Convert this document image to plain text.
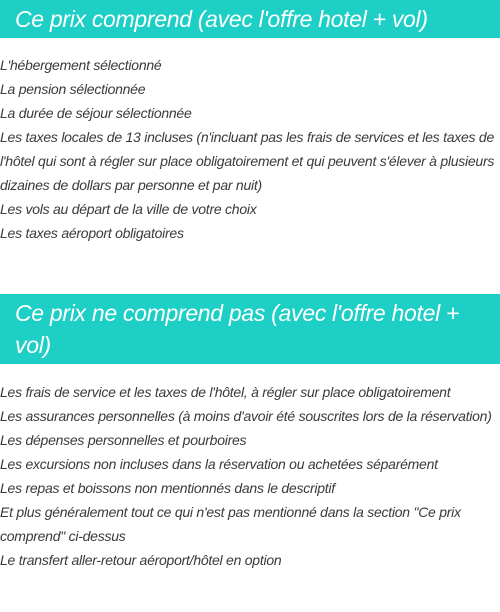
Ce prix comprend (avec l'offre hotel + vol)
L'hébergement sélectionné
La pension sélectionnée
La durée de séjour sélectionnée
Les taxes locales de 13 incluses (n'incluant pas les frais de services et les taxes de l'hôtel qui sont à régler sur place obligatoirement et qui peuvent s'élever à plusieurs dizaines de dollars par personne et par nuit)
Les vols au départ de la ville de votre choix
Les taxes aéroport obligatoires
Ce prix ne comprend pas (avec l'offre hotel + vol)
Les frais de service et les taxes de l'hôtel, à régler sur place obligatoirement
Les assurances personnelles (à moins d'avoir été souscrites lors de la réservation)
Les dépenses personnelles et pourboires
Les excursions non incluses dans la réservation ou achetées séparément
Les repas et boissons non mentionnés dans le descriptif
Et plus généralement tout ce qui n'est pas mentionné dans la section "Ce prix comprend" ci-dessus
Le transfert aller-retour aéroport/hôtel en option
